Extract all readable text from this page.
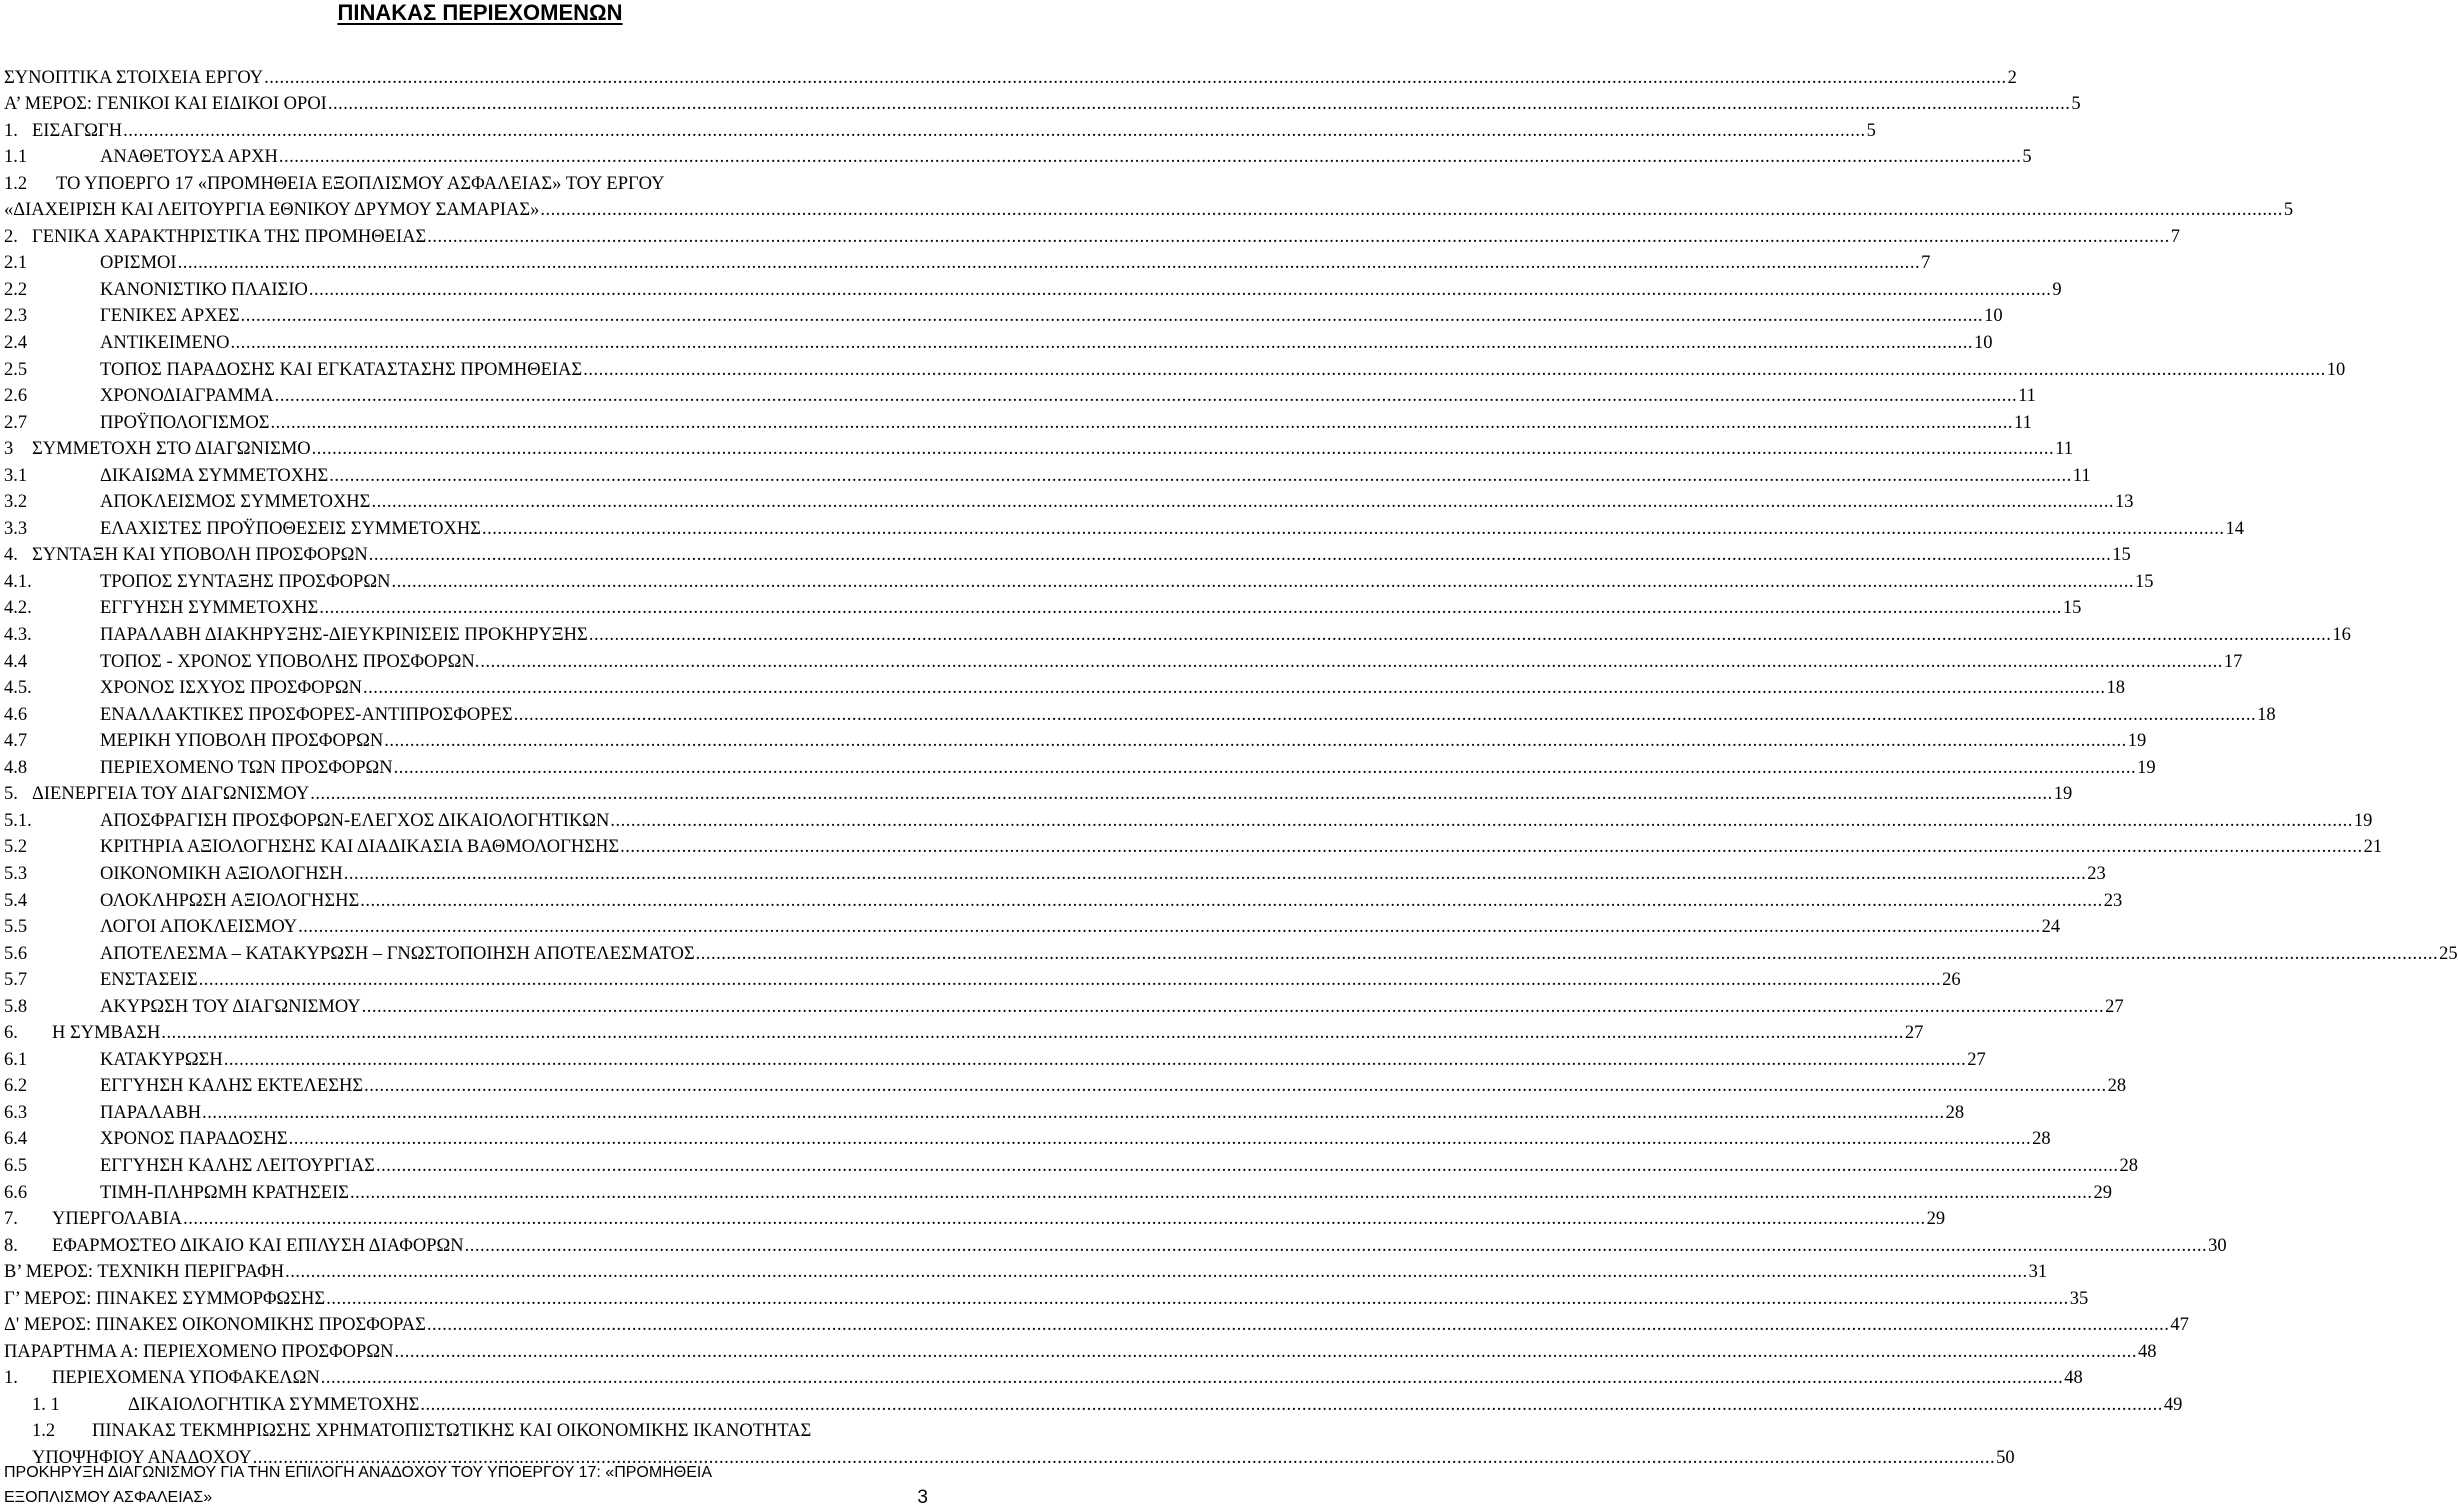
ΠΙΝΑΚΑΣ ΠΕΡΙΕΧΟΜΕΝΩΝ
ΣΥΝΟΠΤΙΚΑ ΣΤΟΙΧΕΙΑ ΕΡΓΟΥ .....	2
Α’ ΜΕΡΟΣ: ΓΕΝΙΚΟΙ ΚΑΙ ΕΙΔΙΚΟΙ ΟΡΟΙ .....	5
1. ΕΙΣΑΓΩΓΗ .....	5
1.1	ΑΝΑΘΕΤΟΥΣΑ ΑΡΧΗ .....	5
1.2	ΤΟ ΥΠΟΕΡΓΟ 17 «ΠΡΟΜΗΘΕΙΑ ΕΞΟΠΛΙΣΜΟΥ ΑΣΦΑΛΕΙΑΣ» ΤΟΥ ΕΡΓΟΥ
«ΔΙΑΧΕΙΡΙΣΗ ΚΑΙ ΛΕΙΤΟΥΡΓΙΑ ΕΘΝΙΚΟΥ ΔΡΥΜΟΥ ΣΑΜΑΡΙΑΣ» .....	5
2. ΓΕΝΙΚΑ ΧΑΡΑΚΤΗΡΙΣΤΙΚΑ ΤΗΣ ΠΡΟΜΗΘΕΙΑΣ .....	7
2.1	ΟΡΙΣΜΟΙ .....	7
2.2	ΚΑΝΟΝΙΣΤΙΚΟ ΠΛΑΙΣΙΟ .....	9
2.3	ΓΕΝΙΚΕΣ ΑΡΧΕΣ .....	10
2.4	ΑΝΤΙΚΕΙΜΕΝΟ .....	10
2.5	ΤΟΠΟΣ ΠΑΡΑΔΟΣΗΣ ΚΑΙ ΕΓΚΑΤΑΣΤΑΣΗΣ ΠΡΟΜΗΘΕΙΑΣ .....	10
2.6	ΧΡΟΝΟΔΙΑΓΡΑΜΜΑ .....	11
2.7	ΠΡΟΫΠΟΛΟΓΙΣΜΟΣ .....	11
3	ΣΥΜΜΕΤΟΧΗ ΣΤΟ ΔΙΑΓΩΝΙΣΜΟ .....	11
3.1	ΔΙΚΑΙΩΜΑ ΣΥΜΜΕΤΟΧΗΣ .....	11
3.2	ΑΠΟΚΛΕΙΣΜΟΣ ΣΥΜΜΕΤΟΧΗΣ .....	13
3.3	ΕΛΑΧΙΣΤΕΣ ΠΡΟΫΠΟΘΕΣΕΙΣ ΣΥΜΜΕΤΟΧΗΣ .....	14
4. ΣΥΝΤΑΞΗ ΚΑΙ ΥΠΟΒΟΛΗ ΠΡΟΣΦΟΡΩΝ .....	15
4.1.	ΤΡΟΠΟΣ ΣΥΝΤΑΞΗΣ ΠΡΟΣΦΟΡΩΝ .....	15
4.2.	ΕΓΓΥΗΣΗ ΣΥΜΜΕΤΟΧΗΣ .....	15
4.3.	ΠΑΡΑΛΑΒΗ ΔΙΑΚΗΡΥΞΗΣ-ΔΙΕΥΚΡΙΝΙΣΕΙΣ ΠΡΟΚΗΡΥΞΗΣ .....	16
4.4	ΤΟΠΟΣ - ΧΡΟΝΟΣ ΥΠΟΒΟΛΗΣ ΠΡΟΣΦΟΡΩΝ. .....	17
4.5.	ΧΡΟΝΟΣ ΙΣΧΥΟΣ ΠΡΟΣΦΟΡΩΝ .....	18
4.6	ΕΝΑΛΛΑΚΤΙΚΕΣ ΠΡΟΣΦΟΡΕΣ-ΑΝΤΙΠΡΟΣΦΟΡΕΣ .....	18
4.7	ΜΕΡΙΚΗ ΥΠΟΒΟΛΗ ΠΡΟΣΦΟΡΩΝ .....	19
4.8	ΠΕΡΙΕΧΟΜΕΝΟ ΤΩΝ ΠΡΟΣΦΟΡΩΝ .....	19
5. ΔΙΕΝΕΡΓΕΙΑ ΤΟΥ ΔΙΑΓΩΝΙΣΜΟΥ .....	19
5.1.	ΑΠΟΣΦΡΑΓΙΣΗ ΠΡΟΣΦΟΡΩΝ-ΕΛΕΓΧΟΣ ΔΙΚΑΙΟΛΟΓΗΤΙΚΩΝ .....	19
5.2	ΚΡΙΤΗΡΙΑ ΑΞΙΟΛΟΓΗΣΗΣ ΚΑΙ ΔΙΑΔΙΚΑΣΙΑ ΒΑΘΜΟΛΟΓΗΣΗΣ .....	21
5.3	ΟΙΚΟΝΟΜΙΚΗ ΑΞΙΟΛΟΓΗΣΗ .....	23
5.4	ΟΛΟΚΛΗΡΩΣΗ ΑΞΙΟΛΟΓΗΣΗΣ .....	23
5.5	ΛΟΓΟΙ ΑΠΟΚΛΕΙΣΜΟΥ .....	24
5.6	ΑΠΟΤΕΛΕΣΜΑ – ΚΑΤΑΚΥΡΩΣΗ – ΓΝΩΣΤΟΠΟΙΗΣΗ ΑΠΟΤΕΛΕΣΜΑΤΟΣ .....	25
5.7	ΕΝΣΤΑΣΕΙΣ .....	26
5.8	ΑΚΥΡΩΣΗ ΤΟΥ ΔΙΑΓΩΝΙΣΜΟΥ .....	27
6.	Η ΣΥΜΒΑΣΗ .....	27
6.1	ΚΑΤΑΚΥΡΩΣΗ .....	27
6.2	ΕΓΓΥΗΣΗ ΚΑΛΗΣ ΕΚΤΕΛΕΣΗΣ .....	28
6.3	ΠΑΡΑΛΑΒΗ .....	28
6.4	ΧΡΟΝΟΣ ΠΑΡΑΔΟΣΗΣ .....	28
6.5	ΕΓΓΥΗΣΗ ΚΑΛΗΣ ΛΕΙΤΟΥΡΓΙΑΣ .....	28
6.6	ΤΙΜΗ-ΠΛΗΡΩΜΗ ΚΡΑΤΗΣΕΙΣ .....	29
7.	ΥΠΕΡΓΟΛΑΒΙΑ .....	29
8.	ΕΦΑΡΜΟΣΤΕΟ ΔΙΚΑΙΟ ΚΑΙ ΕΠΙΛΥΣΗ ΔΙΑΦΟΡΩΝ .....	30
Β’ ΜΕΡΟΣ: ΤΕΧΝΙΚΗ ΠΕΡΙΓΡΑΦΗ .....	31
Γ’ ΜΕΡΟΣ: ΠΙΝΑΚΕΣ ΣΥΜΜΟΡΦΩΣΗΣ .....	35
Δ' ΜΕΡΟΣ: ΠΙΝΑΚΕΣ ΟΙΚΟΝΟΜΙΚΗΣ ΠΡΟΣΦΟΡΑΣ .....	47
ΠΑΡΑΡΤΗΜΑ Α: ΠΕΡΙΕΧΟΜΕΝΟ ΠΡΟΣΦΟΡΩΝ .....	48
1.	ΠΕΡΙΕΧΟΜΕΝΑ ΥΠΟΦΑΚΕΛΩΝ .....	48
1. 1	ΔΙΚΑΙΟΛΟΓΗΤΙΚΑ ΣΥΜΜΕΤΟΧΗΣ .....	49
1.2	ΠΙΝΑΚΑΣ ΤΕΚΜΗΡΙΩΣΗΣ ΧΡΗΜΑΤΟΠΙΣΤΩΤΙΚΗΣ ΚΑΙ ΟΙΚΟΝΟΜΙΚΗΣ ΙΚΑΝΟΤΗΤΑΣ
ΥΠΟΨΗΦΙΟΥ ΑΝΑΔΟΧΟΥ .....	50
ΠΡΟΚΗΡΥΞΗ ΔΙΑΓΩΝΙΣΜΟΥ ΓΙΑ ΤΗΝ ΕΠΙΛΟΓΗ ΑΝΑΔΟΧΟΥ ΤΟΥ ΥΠΟΕΡΓΟΥ 17: «ΠΡΟΜΗΘΕΙΑ
ΕΞΟΠΛΙΣΜΟΥ ΑΣΦΑΛΕΙΑΣ»	3
